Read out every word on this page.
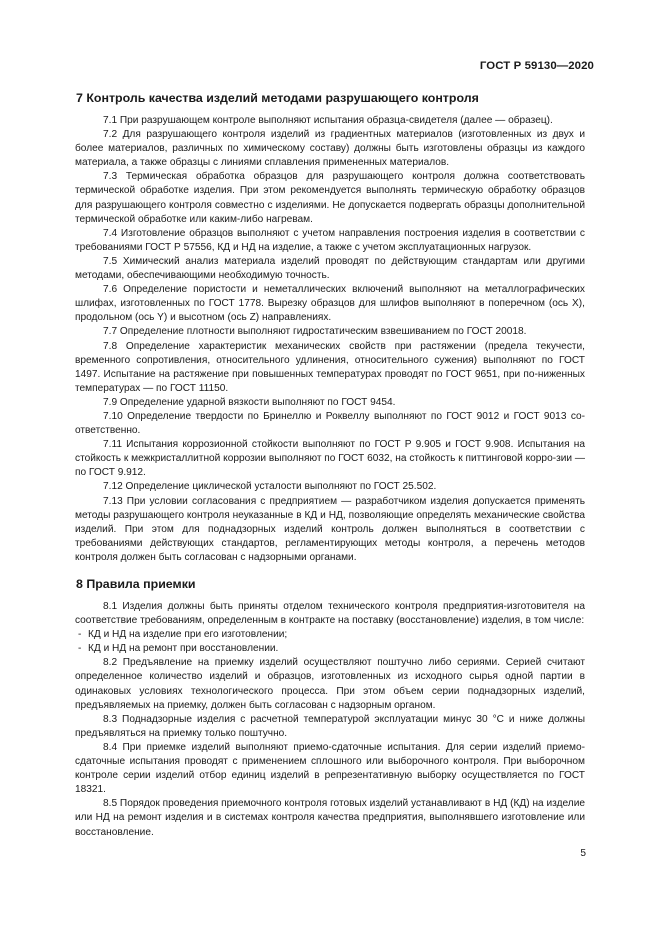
ГОСТ Р 59130—2020
7 Контроль качества изделий методами разрушающего контроля

7.1 При разрушающем контроле выполняют испытания образца-свидетеля (далее — образец).

7.2 Для разрушающего контроля изделий из градиентных материалов (изготовленных из двух и более материалов, различных по химическому составу) должны быть изготовлены образцы из каждого материала, а также образцы с линиями сплавления примененных материалов.

7.3 Термическая обработка образцов для разрушающего контроля должна соответствовать термической обработке изделия. При этом рекомендуется выполнять термическую обработку образцов для разрушающего контроля совместно с изделиями. Не допускается подвергать образцы дополнительной термической обработке или каким-либо нагревам.

7.4 Изготовление образцов выполняют с учетом направления построения изделия в соответствии с требованиями ГОСТ Р 57556, КД и НД на изделие, а также с учетом эксплуатационных нагрузок.

7.5 Химический анализ материала изделий проводят по действующим стандартам или другими методами, обеспечивающими необходимую точность.

7.6 Определение пористости и неметаллических включений выполняют на металлографических шлифах, изготовленных по ГОСТ 1778. Вырезку образцов для шлифов выполняют в поперечном (ось X), продольном (ось Y) и высотном (ось Z) направлениях.

7.7 Определение плотности выполняют гидростатическим взвешиванием по ГОСТ 20018.

7.8 Определение характеристик механических свойств при растяжении (предела текучести, временного сопротивления, относительного удлинения, относительного сужения) выполняют по ГОСТ 1497. Испытание на растяжение при повышенных температурах проводят по ГОСТ 9651, при по-ниженных температурах — по ГОСТ 11150.

7.9 Определение ударной вязкости выполняют по ГОСТ 9454.

7.10 Определение твердости по Бринеллю и Роквеллу выполняют по ГОСТ 9012 и ГОСТ 9013 со-ответственно.

7.11 Испытания коррозионной стойкости выполняют по ГОСТ Р 9.905 и ГОСТ 9.908. Испытания на стойкость к межкристаллитной коррозии выполняют по ГОСТ 6032, на стойкость к питтинговой корро-зии — по ГОСТ 9.912.

7.12 Определение циклической усталости выполняют по ГОСТ 25.502.

7.13 При условии согласования с предприятием — разработчиком изделия допускается применять методы разрушающего контроля неуказанные в КД и НД, позволяющие определять механические свойства изделий. При этом для поднадзорных изделий контроль должен выполняться в соответствии с требованиями действующих стандартов, регламентирующих методы контроля, а перечень методов контроля должен быть согласован с надзорными органами.

8 Правила приемки

8.1 Изделия должны быть приняты отделом технического контроля предприятия-изготовителя на соответствие требованиям, определенным в контракте на поставку (восстановление) изделия, в том числе:

- КД и НД на изделие при его изготовлении;

- КД и НД на ремонт при восстановлении.

8.2 Предъявление на приемку изделий осуществляют поштучно либо сериями. Серией считают определенное количество изделий и образцов, изготовленных из исходного сырья одной партии в одинаковых условиях технологического процесса. При этом объем серии поднадзорных изделий, предъявляемых на приемку, должен быть согласован с надзорным органом.

8.3 Поднадзорные изделия с расчетной температурой эксплуатации минус 30 °С и ниже должны предъявляться на приемку только поштучно.

8.4 При приемке изделий выполняют приемо-сдаточные испытания. Для серии изделий приемо-сдаточные испытания проводят с применением сплошного или выборочного контроля. При выборочном контроле серии изделий отбор единиц изделий в репрезентативную выборку осуществляется по ГОСТ 18321.

8.5 Порядок проведения приемочного контроля готовых изделий устанавливают в НД (КД) на изделие или НД на ремонт изделия и в системах контроля качества предприятия, выполнявшего изготовление или восстановление.

5
